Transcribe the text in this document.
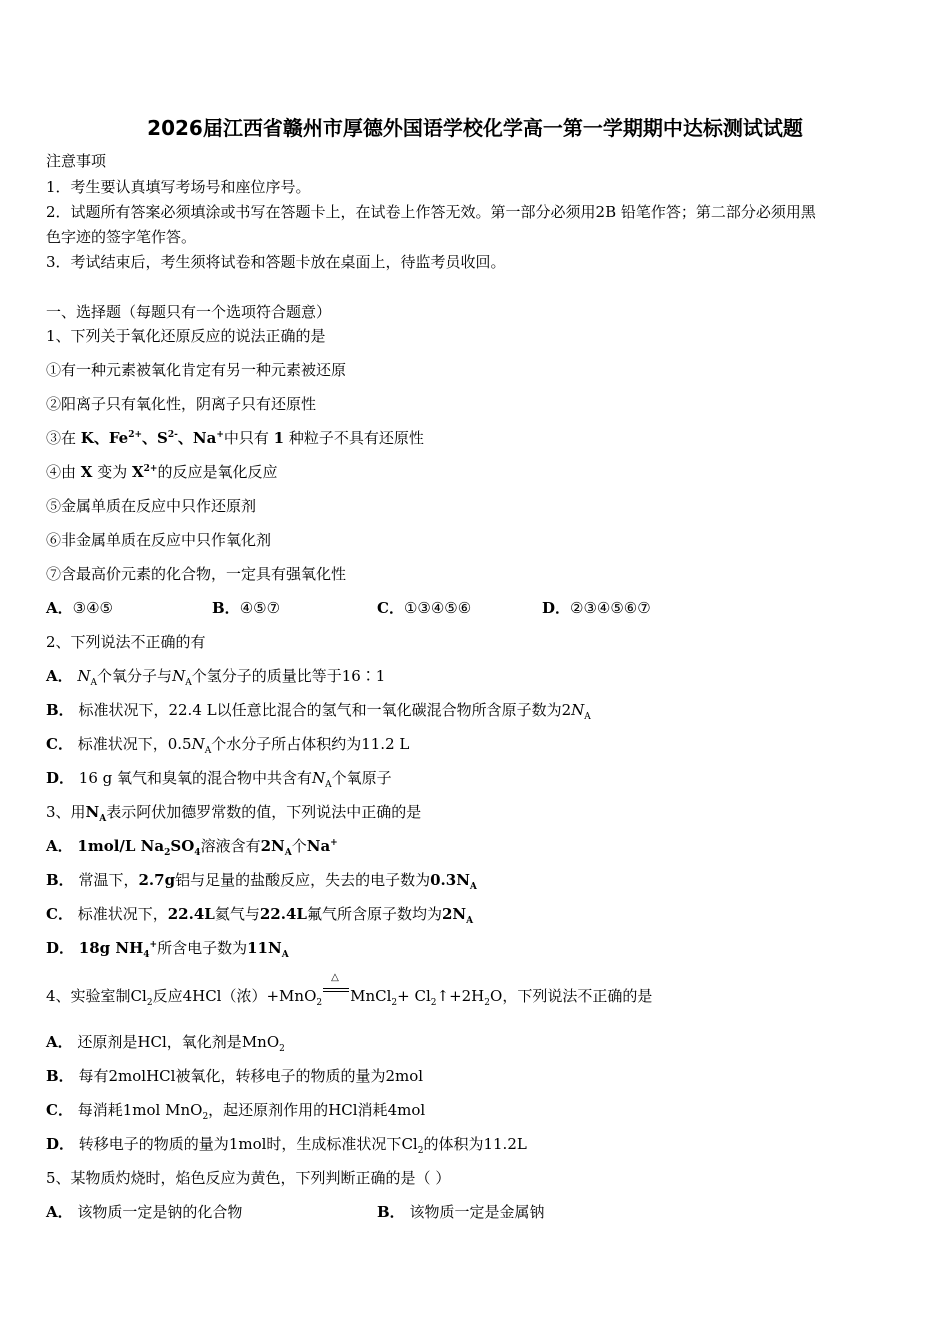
2026届江西省赣州市厚德外国语学校化学高一第一学期期中达标测试试题
注意事项
1．考生要认真填写考场号和座位序号。
2．试题所有答案必须填涂或书写在答题卡上，在试卷上作答无效。第一部分必须用2B 铅笔作答；第二部分必须用黑
色字迹的签字笔作答。
3．考试结束后，考生须将试卷和答题卡放在桌面上，待监考员收回。
一、选择题（每题只有一个选项符合题意）
1、下列关于氧化还原反应的说法正确的是
①有一种元素被氧化肯定有另一种元素被还原
②阳离子只有氧化性，阴离子只有还原性
③在 K、$Fe^{2+}$、$S^{2-}$、Na+中只有 1 种粒子不具有还原性
④由 X 变为 $X^{2+}$的反应是氧化反应
⑤金属单质在反应中只作还原剂
⑥非金属单质在反应中只作氧化剂
⑦含最高价元素的化合物，一定具有强氧化性
A．③④⑤	B．④⑤⑦	C．①③④⑤⑥	D．②③④⑤⑥⑦
2、下列说法不正确的有
A． $N_A$个氧分子与$N_A$个氢分子的质量比等于16∶1
B． 标准状况下，22.4 L以任意比混合的氢气和一氧化碳混合物所含原子数为$2N_A$
C． 标准状况下，$0.5N_A$个水分子所占体积约为11.2 L
D． 16 g 氧气和臭氧的混合物中共含有$N_A$个氧原子
3、用$N_A$表示阿伏加德罗常数的值，下列说法中正确的是
A． 1mol/L $Na_2SO_4$溶液含有$2N_A$个Na+
B． 常温下，2.7g铝与足量的盐酸反应，失去的电子数为$0.3N_A$
C． 标准状况下，22.4L氦气与22.4L氟气所含原子数均为$2N_A$
D． 18g $NH_4^+$所含电子数为$11N_A$
4、实验室制$Cl_2$反应4HCl（浓）+MnO$_2$
△
MnCl$_2$+ $Cl_2↑+2H_2O$，下列说法不正确的是
A． 还原剂是HCl，氧化剂是MnO$_2$
B． 每有2molHCl被氧化，转移电子的物质的量为2mol
C． 每消耗1mol MnO$_2$，起还原剂作用的HCl消耗4mol
D． 转移电子的物质的量为1mol时，生成标准状况下$Cl_2$的体积为11.2L
5、某物质灼烧时，焰色反应为黄色，下列判断正确的是（ ）
A． 该物质一定是钠的化合物	B． 该物质一定是金属钠
